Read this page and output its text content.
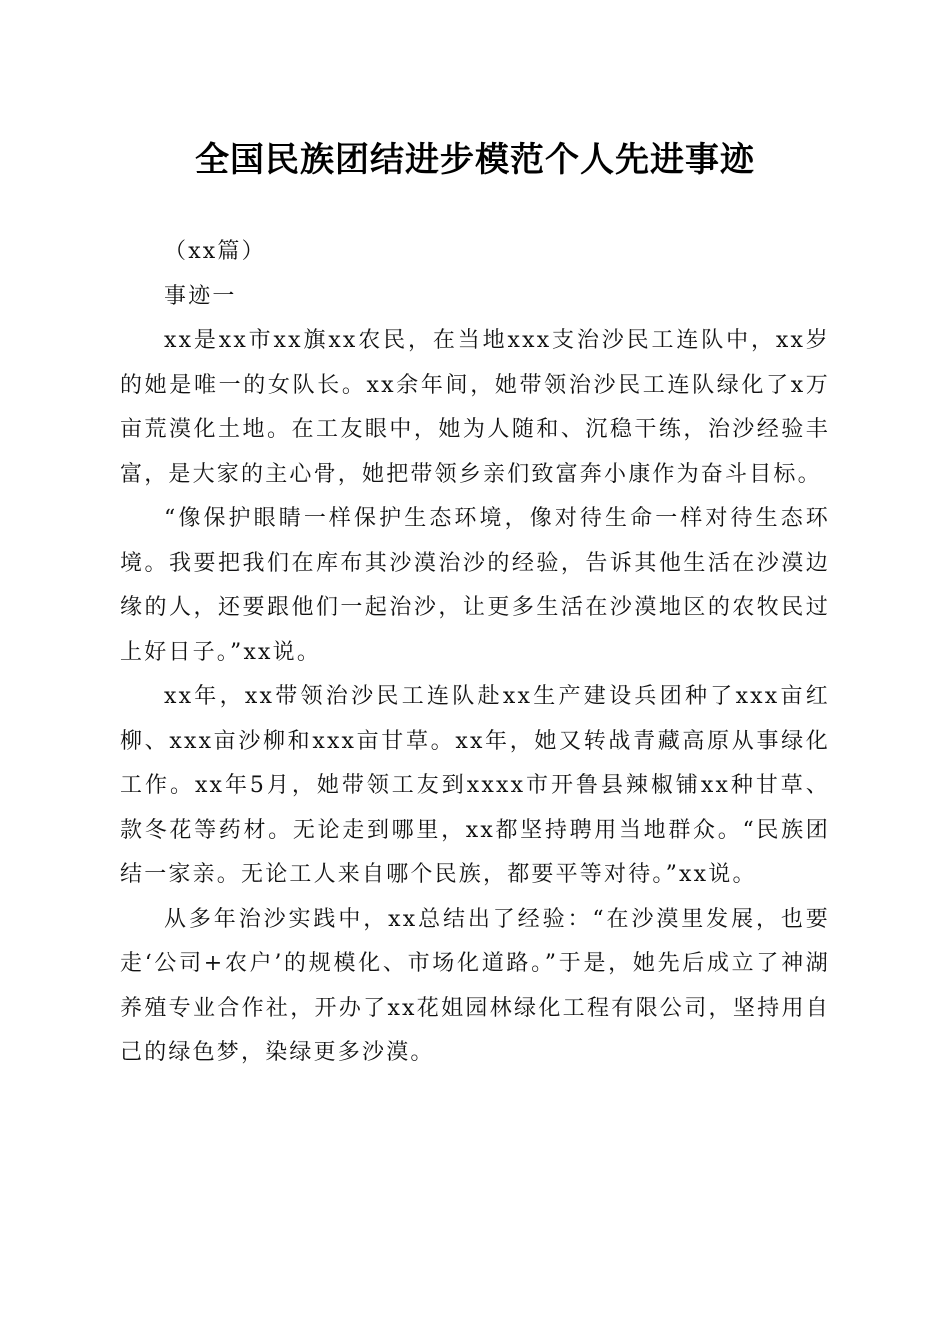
全国民族团结进步模范个人先进事迹

（xx篇）

事迹一

xx是xx市xx旗xx农民，在当地xxx支治沙民工连队中，xx岁的她是唯一的女队长。xx余年间，她带领治沙民工连队绿化了x万亩荒漠化土地。在工友眼中，她为人随和、沉稳干练，治沙经验丰富，是大家的主心骨，她把带领乡亲们致富奔小康作为奋斗目标。

“像保护眼睛一样保护生态环境，像对待生命一样对待生态环境。我要把我们在库布其沙漠治沙的经验，告诉其他生活在沙漠边缘的人，还要跟他们一起治沙，让更多生活在沙漠地区的农牧民过上好日子。”xx说。

xx年，xx带领治沙民工连队赴xx生产建设兵团种了xxx亩红柳、xxx亩沙柳和xxx亩甘草。xx年，她又转战青藏高原从事绿化工作。xx年5月，她带领工友到xxxx市开鲁县辣椒铺xx种甘草、款冬花等药材。无论走到哪里，xx都坚持聘用当地群众。“民族团结一家亲。无论工人来自哪个民族，都要平等对待。”xx说。

从多年治沙实践中，xx总结出了经验：“在沙漠里发展，也要走‘公司+农户’的规模化、市场化道路。”于是，她先后成立了神湖养殖专业合作社，开办了xx花姐园林绿化工程有限公司，坚持用自己的绿色梦，染绿更多沙漠。
